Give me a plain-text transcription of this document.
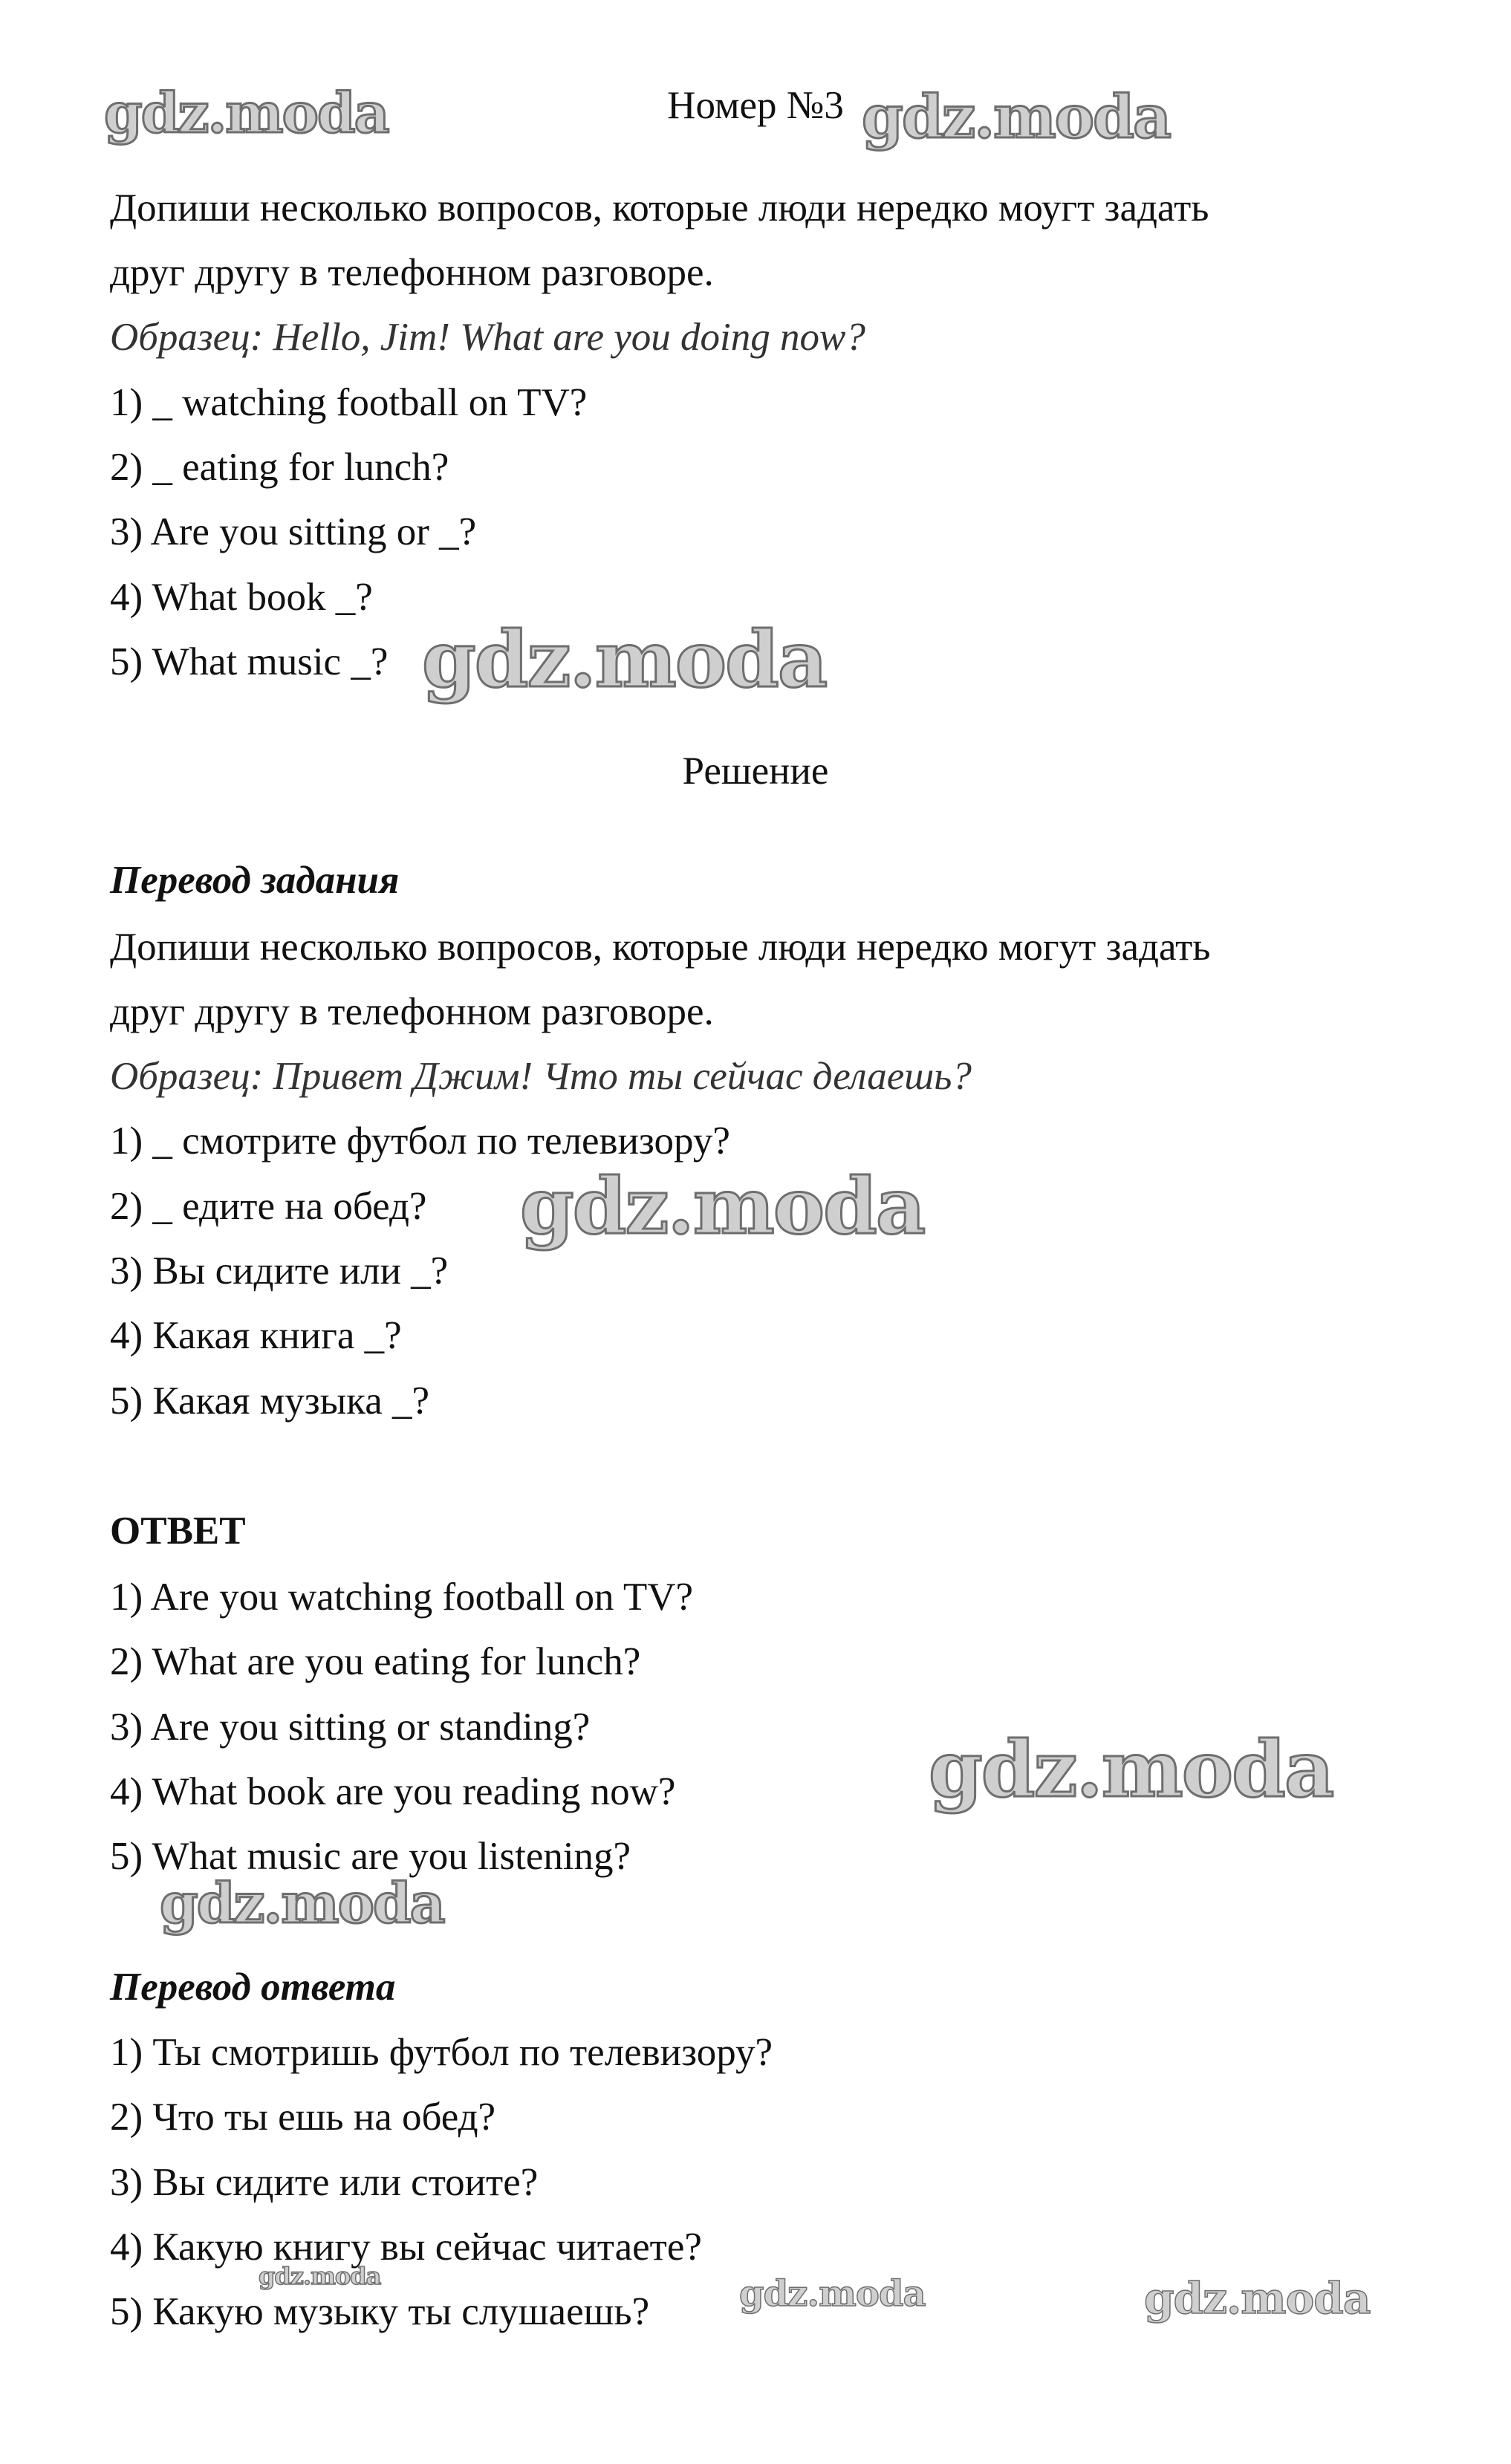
Номер №3
Допиши несколько вопросов, которые люди нередко моугт задать
друг другу в телефонном разговоре.
Образец: Hello, Jim! What are you doing now?
1) _ watching football on TV?
2) _ eating for lunch?
3) Are you sitting or _?
4) What book _?
5) What music _?
Решение
Перевод задания
Допиши несколько вопросов, которые люди нередко могут задать
друг другу в телефонном разговоре.
Образец: Привет Джим! Что ты сейчас делаешь?
1) _ смотрите футбол по телевизору?
2) _ едите на обед?
3) Вы сидите или _?
4) Какая книга _?
5) Какая музыка _?
ОТВЕТ
1) Are you watching football on TV?
2) What are you eating for lunch?
3) Are you sitting or standing?
4) What book are you reading now?
5) What music are you listening?
Перевод ответа
1) Ты смотришь футбол по телевизору?
2) Что ты ешь на обед?
3) Вы сидите или стоите?
4) Какую книгу вы сейчас читаете?
5) Какую музыку ты слушаешь?
gdz.moda	gdz.moda
gdz.moda
gdz.moda
gdz.moda
gdz.moda
gdz.moda	gdz.moda	gdz.moda
